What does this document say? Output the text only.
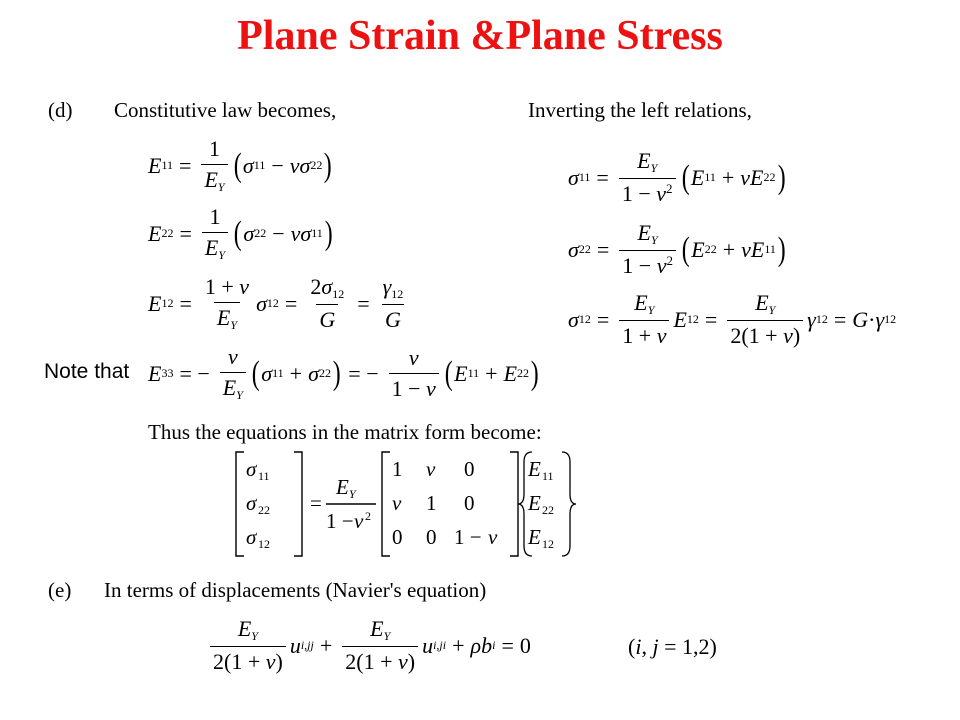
Plane Strain &Plane Stress
(d) Constitutive law becomes,	Inverting the left relations,
E $11 = \frac{1}{E_Y}$ ( σ 11 − vσ 22 )
E $22 = \frac{1}{E_Y}$ ( σ 22 − vσ 11 )
E $12 = \frac{1 + v}{E_Y}$ σ $12 = \frac{2\sigma_{12}}{G} = \frac{\gamma_{12}}{G}$
Note that E 33 = − $\frac{v}{E_Y}$ ( σ 11 + σ 22 ) = − $\frac{v}{1 - v}$ ( E 11 + E 22 )
σ $11 = \frac{E_Y}{1 - v^2}$ ( E 11 + vE 22 )
σ $22 = \frac{E_Y}{1 - v^2}$ ( E 22 + vE 11 )
σ $12 = \frac{E_Y}{1 + v}$ E $12 = \frac{E_Y}{2(1 + v)}$ γ 12 = G · γ 12
Thus the equations in the matrix form become:
σ 11
σ 22
σ 12
=
E Y
1 − v 2
1 v 0
v 1 0
0 0 1 − v
E 11
E 22
E 12
(e) In terms of displacements (Navier's equation)
$\frac{E_Y}{2(1 + v)}$ u $i,jj + \frac{E_Y}{2(1 + v)}$ u i,ji + ρb i = 0	(i, j = 1,2)
